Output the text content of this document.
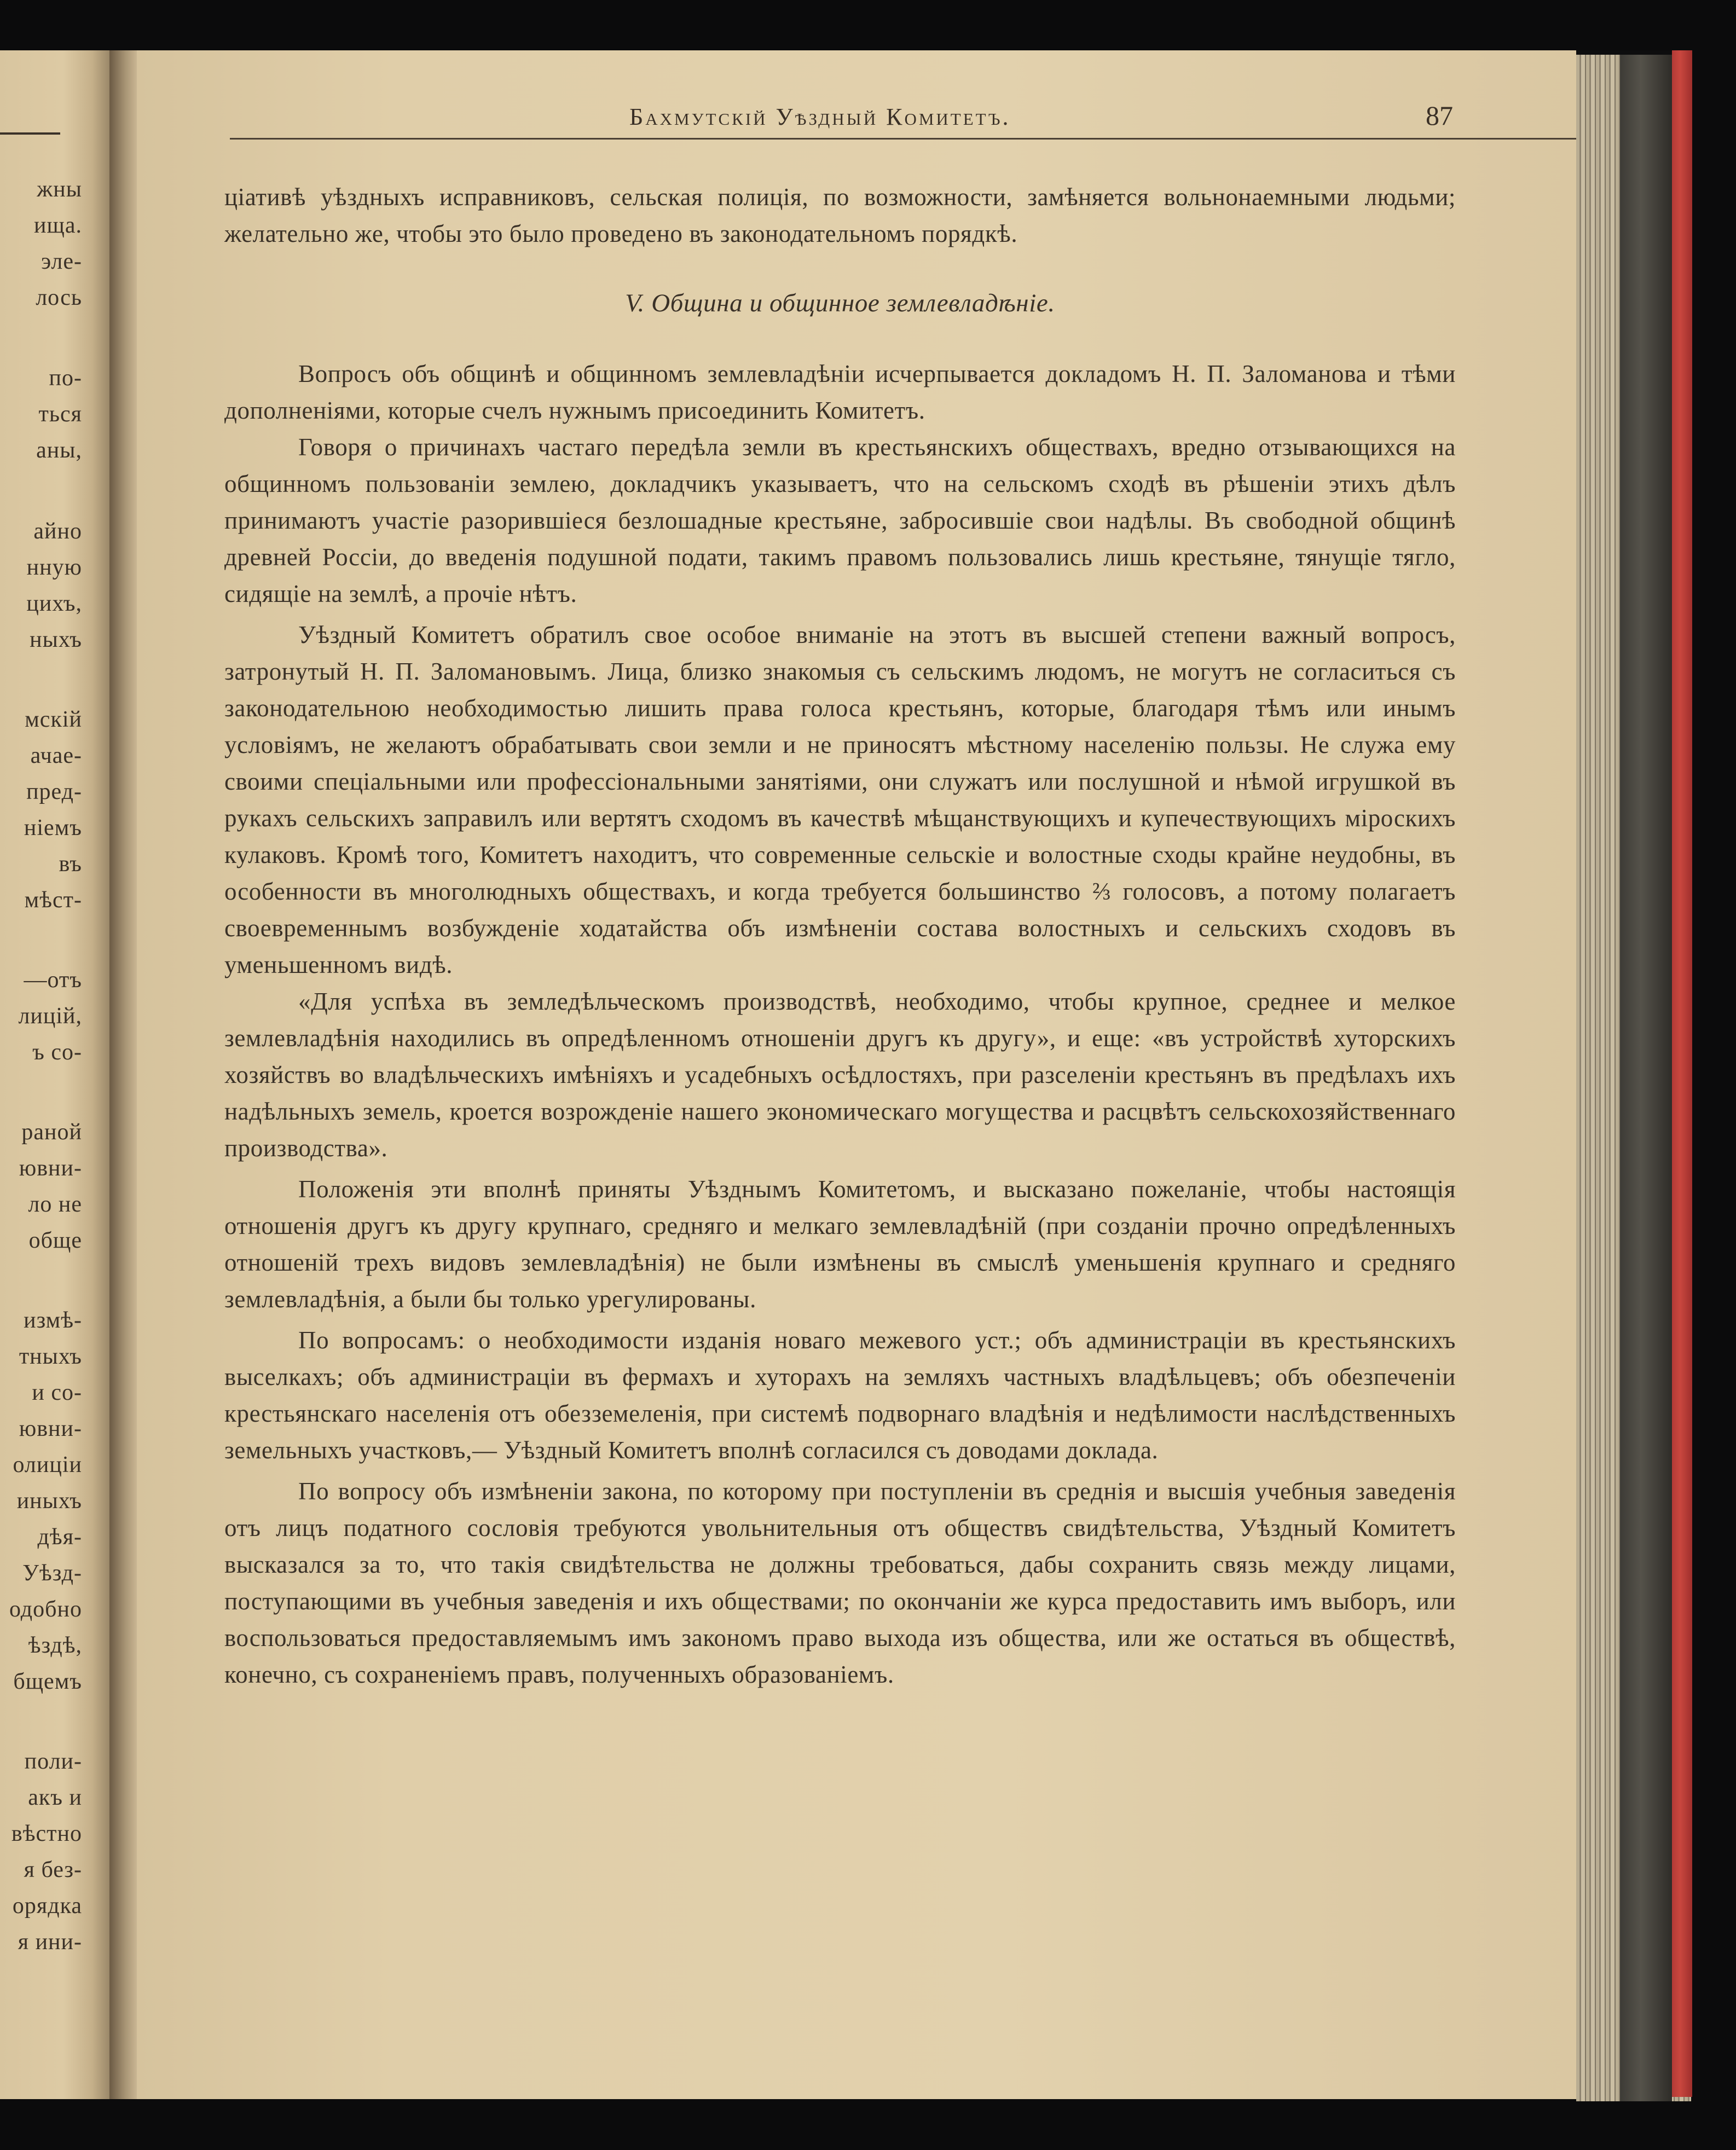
жны
ища.
эле-
лось
по-
ться
аны,
айно
нную
цихъ,
ныхъ
мскій
ачае-
пред-
ніемъ
въ
мѣст-
—отъ
лицій,
ъ со-
раной
ювни-
ло не
обще
измѣ-
тныхъ
и со-
ювни-
олиціи
иныхъ
дѣя-
Уѣзд-
одобно
ѣздѣ,
бщемъ
поли-
акъ и
вѣстно
я без-
орядка
я ини-
Бахмутскій Уѣздный Комитетъ.	87

ціативѣ уѣздныхъ исправниковъ, сельская полиція, по возможности, замѣняется вольнонаемными людьми; желательно же, чтобы это было проведено въ законодательномъ порядкѣ.

V. Община и общинное землевладѣніе.

Вопросъ объ общинѣ и общинномъ землевладѣніи исчерпывается докладомъ Н. П. Заломанова и тѣми дополненіями, которые счелъ нужнымъ присоединить Комитетъ.

Говоря о причинахъ частаго передѣла земли въ крестьянскихъ обществахъ, вредно отзывающихся на общинномъ пользованіи землею, докладчикъ указываетъ, что на сельскомъ сходѣ въ рѣшеніи этихъ дѣлъ принимаютъ участіе разорившіеся безлошадные крестьяне, забросившіе свои надѣлы. Въ свободной общинѣ древней Россіи, до введенія подушной подати, такимъ правомъ пользовались лишь крестьяне, тянущіе тягло, сидящіе на землѣ, а прочіе нѣтъ.

Уѣздный Комитетъ обратилъ свое особое вниманіе на этотъ въ высшей степени важный вопросъ, затронутый Н. П. Заломановымъ. Лица, близко знакомыя съ сельскимъ людомъ, не могутъ не согласиться съ законодательною необходимостью лишить права голоса крестьянъ, которые, благодаря тѣмъ или инымъ условіямъ, не желаютъ обрабатывать свои земли и не приносятъ мѣстному населенію пользы. Не служа ему своими спеціальными или профессіональными занятіями, они служатъ или послушной и нѣмой игрушкой въ рукахъ сельскихъ заправилъ или вертятъ сходомъ въ качествѣ мѣщанствующихъ и купечествующихъ міроскихъ кулаковъ. Кромѣ того, Комитетъ находитъ, что современные сельскіе и волостные сходы крайне неудобны, въ особенности въ многолюдныхъ обществахъ, и когда требуется большинство ⅔ голосовъ, а потому полагаетъ своевременнымъ возбужденіе ходатайства объ измѣненіи состава волостныхъ и сельскихъ сходовъ въ уменьшенномъ видѣ.

«Для успѣха въ земледѣльческомъ производствѣ, необходимо, чтобы крупное, среднее и мелкое землевладѣнія находились въ опредѣленномъ отношеніи другъ къ другу», и еще: «въ устройствѣ хуторскихъ хозяйствъ во владѣльческихъ имѣніяхъ и усадебныхъ осѣдлостяхъ, при разселеніи крестьянъ въ предѣлахъ ихъ надѣльныхъ земель, кроется возрожденіе нашего экономическаго могущества и расцвѣтъ сельскохозяйственнаго производства».

Положенія эти вполнѣ приняты Уѣзднымъ Комитетомъ, и высказано пожеланіе, чтобы настоящія отношенія другъ къ другу крупнаго, средняго и мелкаго землевладѣній (при созданіи прочно опредѣленныхъ отношеній трехъ видовъ землевладѣнія) не были измѣнены въ смыслѣ уменьшенія крупнаго и средняго землевладѣнія, а были бы только урегулированы.

По вопросамъ: о необходимости изданія новаго межевого уст.; объ администраціи въ крестьянскихъ выселкахъ; объ администраціи въ фермахъ и хуторахъ на земляхъ частныхъ владѣльцевъ; объ обезпеченіи крестьянскаго населенія отъ обезземеленія, при системѣ подворнаго владѣнія и недѣлимости наслѣдственныхъ земельныхъ участковъ,— Уѣздный Комитетъ вполнѣ согласился съ доводами доклада.

По вопросу объ измѣненіи закона, по которому при поступленіи въ среднія и высшія учебныя заведенія отъ лицъ податного сословія требуются увольнительныя отъ обществъ свидѣтельства, Уѣздный Комитетъ высказался за то, что такія свидѣтельства не должны требоваться, дабы сохранить связь между лицами, поступающими въ учебныя заведенія и ихъ обществами; по окончаніи же курса предоставить имъ выборъ, или воспользоваться предоставляемымъ имъ закономъ право выхода изъ общества, или же остаться въ обществѣ, конечно, съ сохраненіемъ правъ, полученныхъ образованіемъ.
